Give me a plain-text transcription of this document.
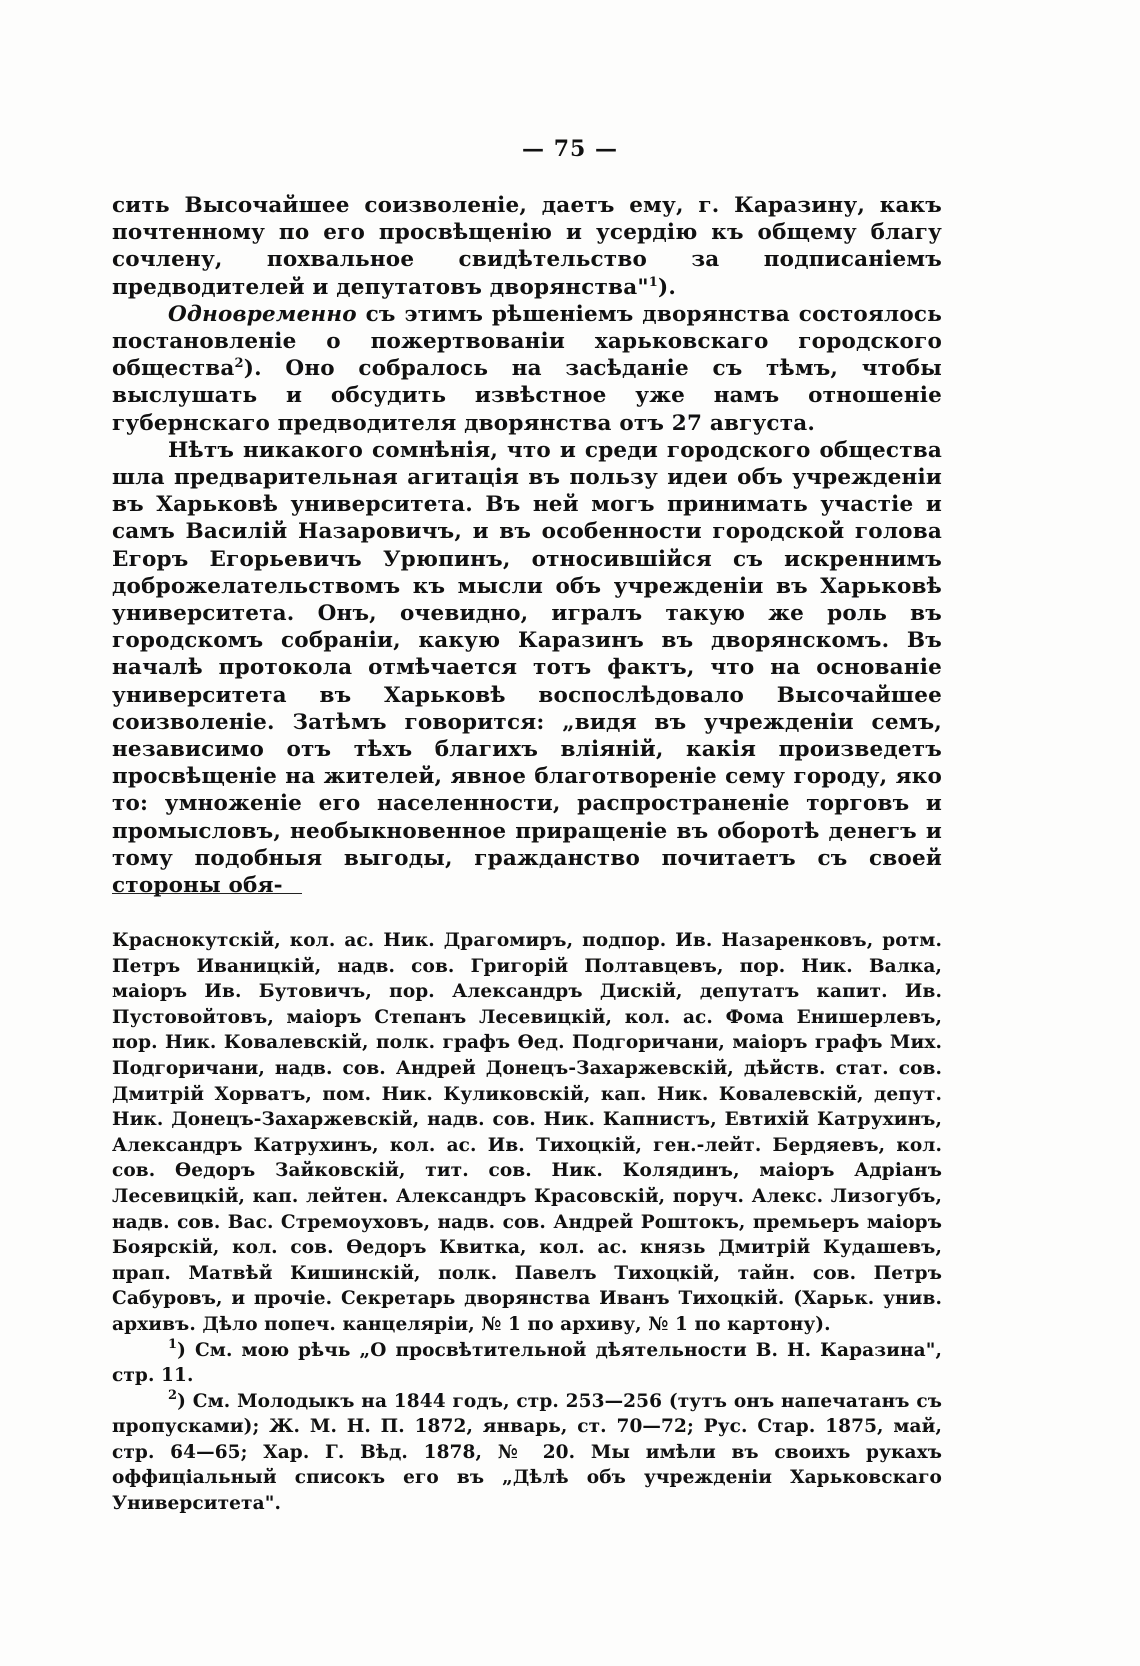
— 75 —

сить Высочайшее соизволенiе, даетъ ему, г. Каразину, какъ почтенному по его просвѣщенiю и усердiю къ общему благу сочлену, похвальное свидѣтельство за подписанiемъ предводителей и депутатовъ дворянства"$^1$).

Одновременно съ этимъ рѣшенiемъ дворянства состоялось постановленiе о пожертвованiи харьковскаго городского общества$^2$). Оно собралось на засѣданiе съ тѣмъ, чтобы выслушать и обсудить извѣстное уже намъ отношенiе губернскаго предводителя дворянства отъ 27 августа.

Нѣтъ никакого сомнѣнiя, что и среди городского общества шла предварительная агитацiя въ пользу идеи объ учрежденiи въ Харьковѣ университета. Въ ней могъ принимать участiе и самъ Василiй Назаровичъ, и въ особенности городской голова Егоръ Егорьевичъ Урюпинъ, относившiйся съ искреннимъ доброжелательствомъ къ мысли объ учрежденiи въ Харьковѣ университета. Онъ, очевидно, игралъ такую же роль въ городскомъ собранiи, какую Каразинъ въ дворянскомъ. Въ началѣ протокола отмѣчается тотъ фактъ, что на основанiе университета въ Харьковѣ воспослѣдовало Высочайшее соизволенiе. Затѣмъ говорится: „видя въ учрежденiи семъ, независимо отъ тѣхъ благихъ влiянiй, какiя произведетъ просвѣщенiе на жителей, явное благотворенiе сему городу, яко то: умноженiе его населенности, распространенiе торговъ и промысловъ, необыкновенное приращенiе въ оборотѣ денегъ и тому подобныя выгоды, гражданство почитаетъ съ своей стороны обя-

Краснокутскiй, кол. ас. Ник. Драгомиръ, подпор. Ив. Назаренковъ, ротм. Петръ Иваницкiй, надв. сов. Григорiй Полтавцевъ, пор. Ник. Валка, маiоръ Ив. Бутовичъ, пор. Александръ Дискiй, депутатъ капит. Ив. Пустовойтовъ, маiоръ Степанъ Лесевицкiй, кол. ас. Фома Енишерлевъ, пор. Ник. Ковалевскiй, полк. графъ Ѳед. Подгоричани, маiоръ графъ Мих. Подгоричани, надв. сов. Андрей Донецъ-Захаржевскiй, дѣйств. стат. сов. Дмитрiй Хорватъ, пом. Ник. Куликовскiй, кап. Ник. Ковалевскiй, депут. Ник. Донецъ-Захаржевскiй, надв. сов. Ник. Капнистъ, Евтихiй Катрухинъ, Александръ Катрухинъ, кол. ас. Ив. Тихоцкiй, ген.-лейт. Бердяевъ, кол. сов. Ѳедоръ Зайковскiй, тит. сов. Ник. Колядинъ, маiоръ Адрiанъ Лесевицкiй, кап. лейтен. Александръ Красовскiй, поруч. Алекс. Лизогубъ, надв. сов. Вас. Стремоуховъ, надв. сов. Андрей Роштокъ, премьеръ маiоръ Боярскiй, кол. сов. Ѳедоръ Квитка, кол. ас. князь Дмитрiй Кудашевъ, прап. Матвѣй Кишинскiй, полк. Павелъ Тихоцкiй, тайн. сов. Петръ Сабуровъ, и прочiе. Секретарь дворянства Иванъ Тихоцкiй. (Харьк. унив. архивъ. Дѣло попеч. канцелярiи, № 1 по архиву, № 1 по картону).

$^1$) См. мою рѣчь „О просвѣтительной дѣятельности В. Н. Каразина", стр. 11.

$^2$) См. Молодыкъ на 1844 годъ, стр. 253—256 (тутъ онъ напечатанъ съ пропусками); Ж. М. Н. П. 1872, январь, ст. 70—72; Рус. Стар. 1875, май, стр. 64—65; Хар. Г. Вѣд. 1878, № 20. Мы имѣли въ своихъ рукахъ оффицiальный списокъ его въ „Дѣлѣ объ учрежденiи Харьковскаго Университета".
